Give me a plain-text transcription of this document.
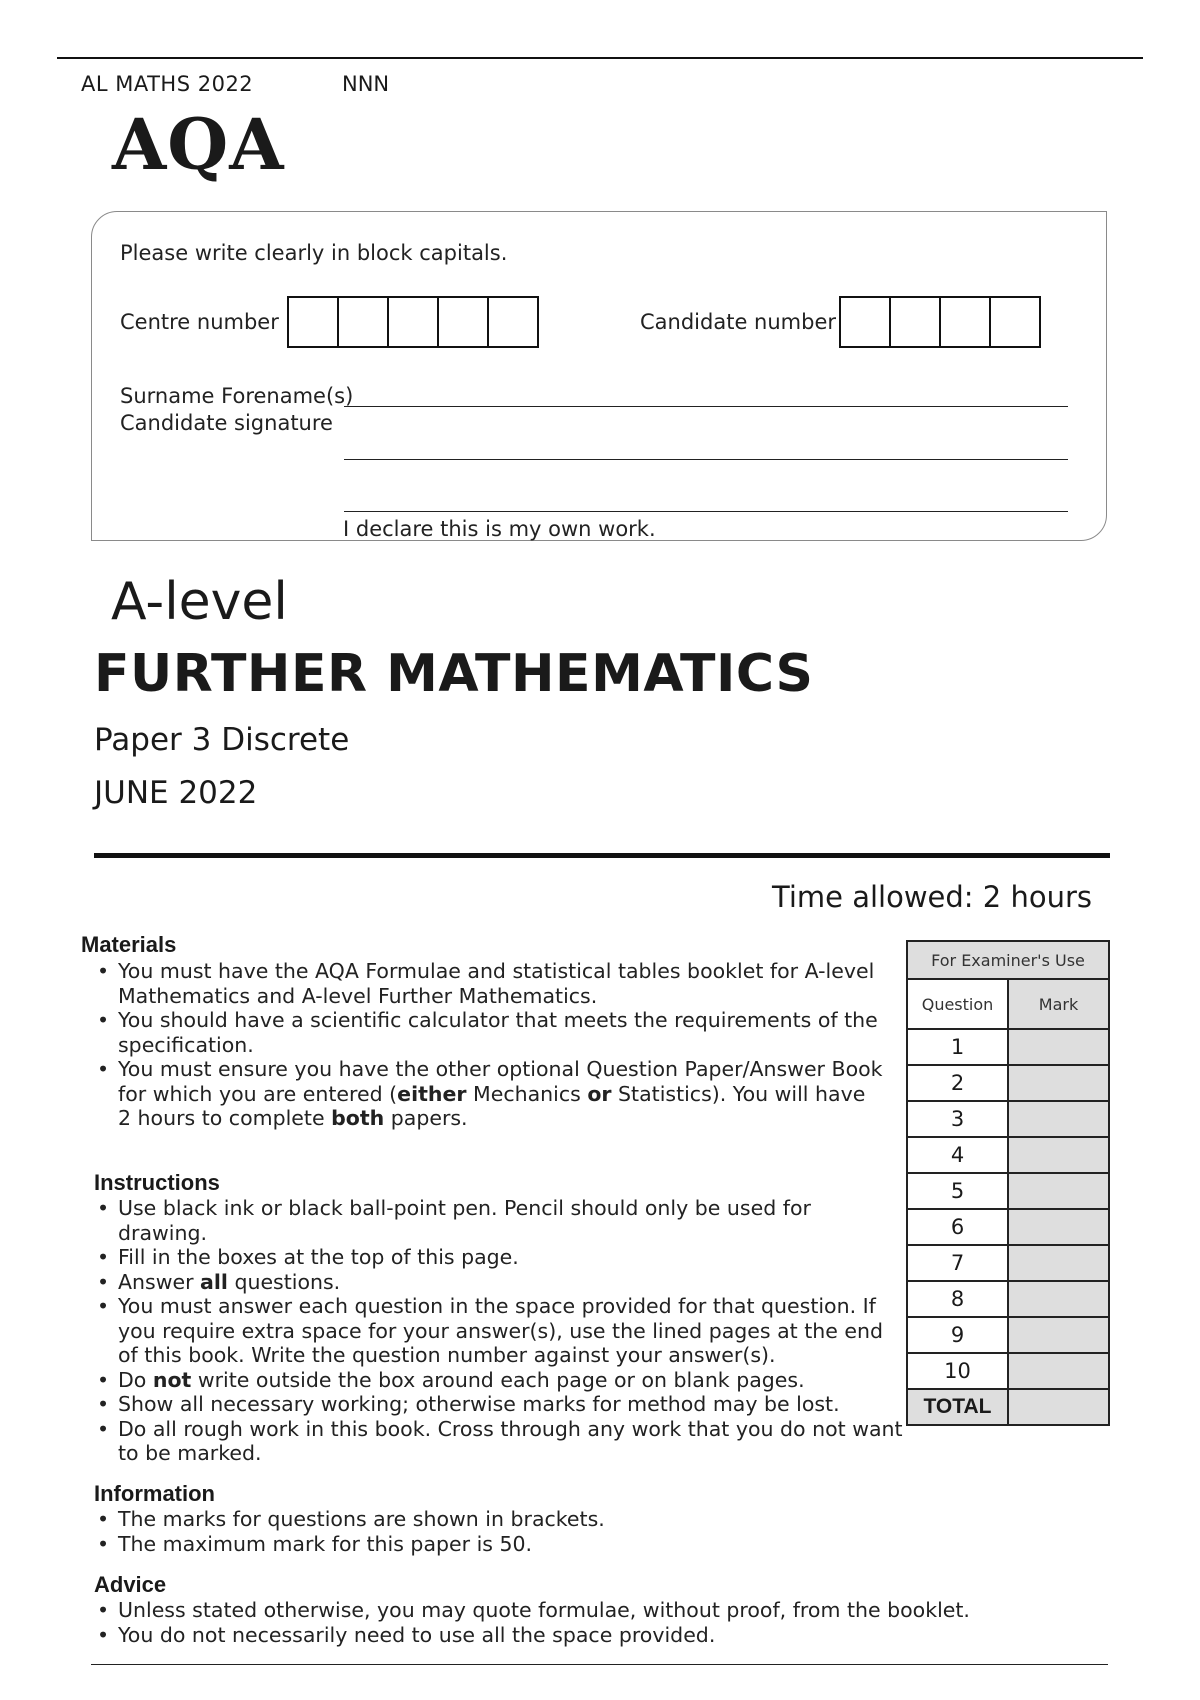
AL MATHS 2022	NNN
AQA
Please write clearly in block capitals.
Centre number	Candidate number
Surname Forename(s)
Candidate signature
I declare this is my own work.
A-level
FURTHER MATHEMATICS
Paper 3 Discrete
JUNE 2022
Time allowed: 2 hours
Materials
• You must have the AQA Formulae and statistical tables booklet for A-level Mathematics and A-level Further Mathematics.
• You should have a scientific calculator that meets the requirements of the specification.
• You must ensure you have the other optional Question Paper/Answer Book for which you are entered (either Mechanics or Statistics). You will have 2 hours to complete both papers.
Instructions
• Use black ink or black ball-point pen. Pencil should only be used for drawing.
• Fill in the boxes at the top of this page.
• Answer all questions.
• You must answer each question in the space provided for that question. If you require extra space for your answer(s), use the lined pages at the end of this book. Write the question number against your answer(s).
• Do not write outside the box around each page or on blank pages.
• Show all necessary working; otherwise marks for method may be lost.
• Do all rough work in this book. Cross through any work that you do not want to be marked.
Information
• The marks for questions are shown in brackets.
• The maximum mark for this paper is 50.
Advice
• Unless stated otherwise, you may quote formulae, without proof, from the booklet.
• You do not necessarily need to use all the space provided.
For Examiner's Use	
Question	Mark
1	
2	
3	
4	
5	
6	
7	
8	
9	
10	
TOTAL	
